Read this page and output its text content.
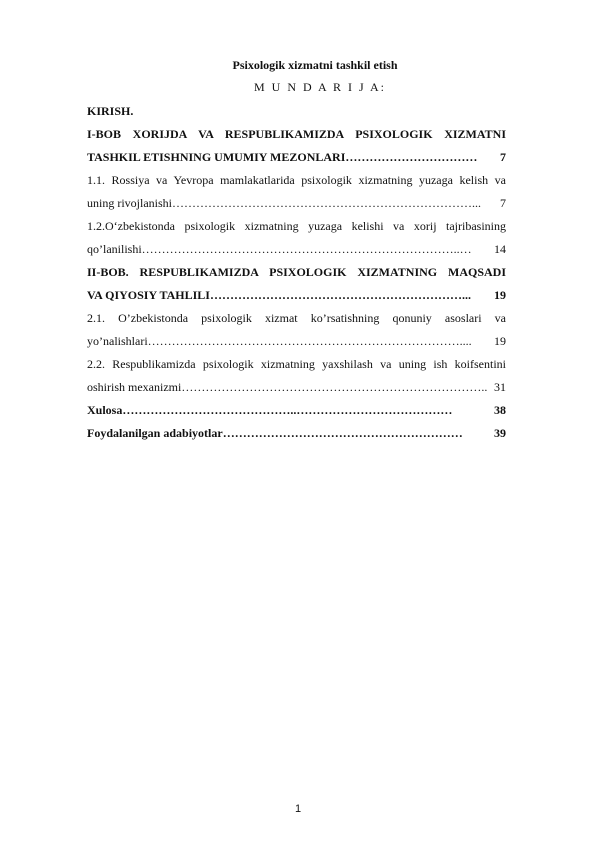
Psixologik xizmatni tashkil etish
M U N D A R I J A:
KIRISH.
I-BOB XORIJDA VA RESPUBLIKAMIZDA PSIXOLOGIK XIZMATNI
TASHKIL ETISHNING UMUMIY MEZONLARI ……………………………	7
1.1. Rossiya va Yevropa mamlakatlarida psixologik xizmatning yuzaga kelish va
uning rivojlanishi …………………………………………………………………...	7
1.2.O‘zbekistonda psixologik xizmatning yuzaga kelishi va xorij tajribasining
qo’lanilishi ……………………………………………………………………..…	14
II-BOB. RESPUBLIKAMIZDA PSIXOLOGIK XIZMATNING MAQSADI
VA QIYOSIY TAHLILI ………………………………………………………...	19
2.1. O’zbekistonda psixologik xizmat ko’rsatishning qonuniy asoslari va
yo’nalishlari ……………………………………………………………………....	19
2.2. Respublikamizda psixologik xizmatning yaxshilash va uning ish koifsentini
oshirish mexanizmi ………………………………………………………………….. 31
Xulosa ……………………………………..…………………………………	38
Foydalanilgan adabiyotlar ……………………………………………………	39
1
